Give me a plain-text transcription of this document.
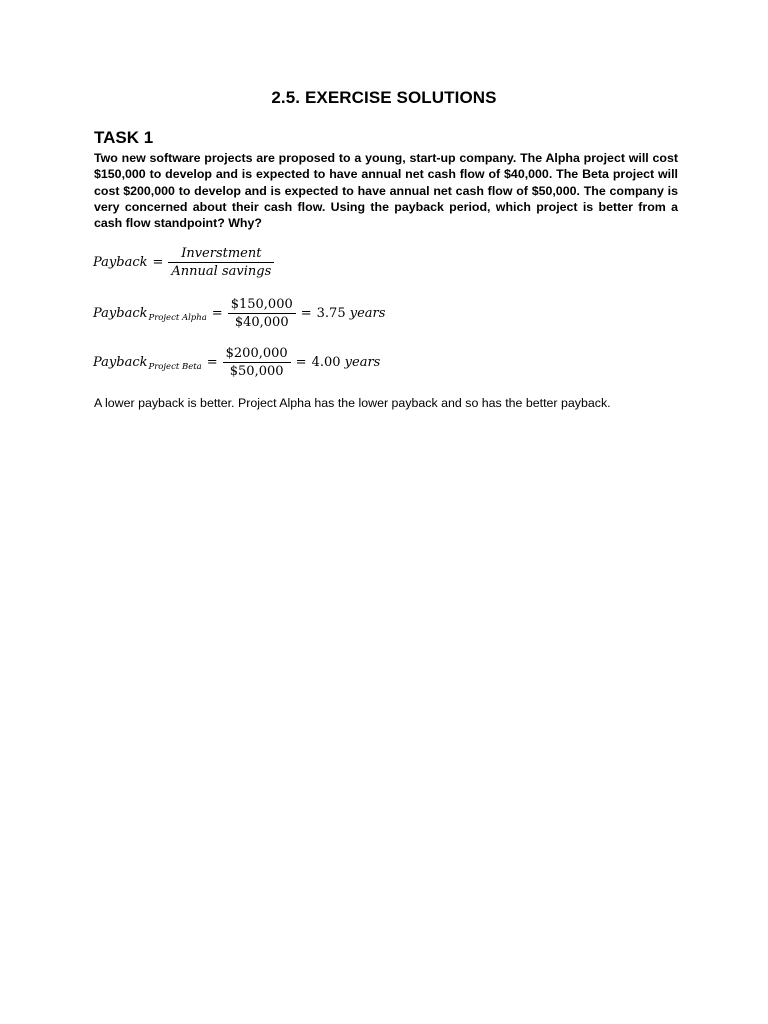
2.5. EXERCISE SOLUTIONS
TASK 1
Two new software projects are proposed to a young, start-up company. The Alpha project will cost $150,000 to develop and is expected to have annual net cash flow of $40,000. The Beta project will cost $200,000 to develop and is expected to have annual net cash flow of $50,000. The company is very concerned about their cash flow. Using the payback period, which project is better from a cash flow standpoint? Why?
Payback = $\frac{\text{Inverstment}}{\text{Annual savings}}$
Payback Project Alpha = $\frac{\$150,000}{\$40,000} = 3.75$
years
Payback Project Beta = $\frac{\$200,000}{\$50,000} = 4.00$
years
A lower payback is better. Project Alpha has the lower payback and so has the better payback.
